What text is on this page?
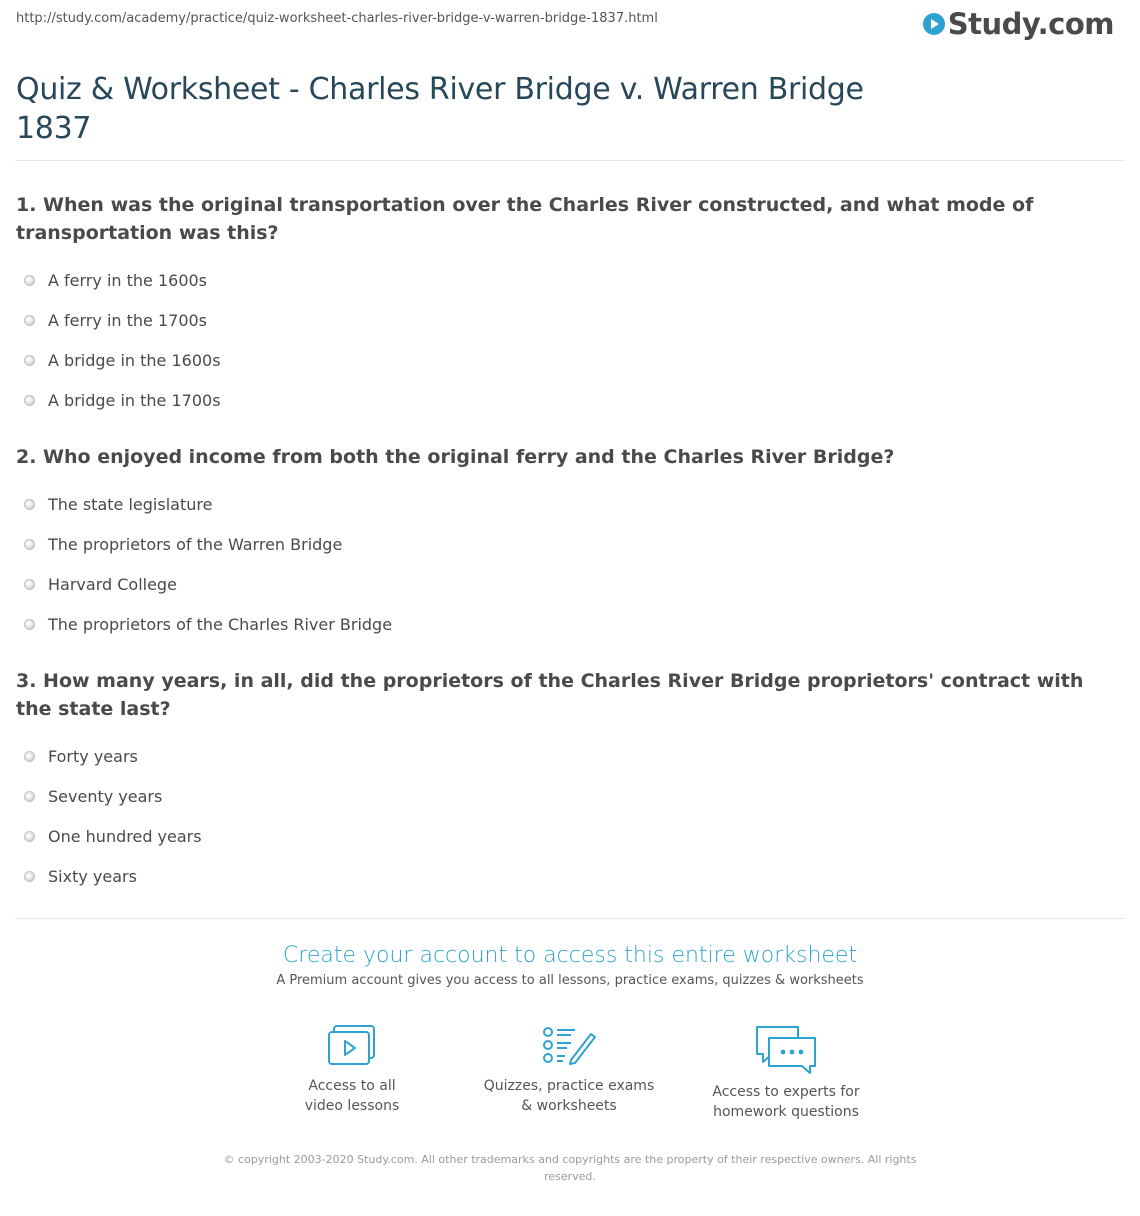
http://study.com/academy/practice/quiz-worksheet-charles-river-bridge-v-warren-bridge-1837.html	Study.com
Quiz & Worksheet - Charles River Bridge v. Warren Bridge 1837

1. When was the original transportation over the Charles River constructed, and what mode of transportation was this?

A ferry in the 1600s
A ferry in the 1700s
A bridge in the 1600s
A bridge in the 1700s

2. Who enjoyed income from both the original ferry and the Charles River Bridge?

The state legislature
The proprietors of the Warren Bridge
Harvard College
The proprietors of the Charles River Bridge

3. How many years, in all, did the proprietors of the Charles River Bridge proprietors' contract with the state last?

Forty years
Seventy years
One hundred years
Sixty years
Create your account to access this entire worksheet
A Premium account gives you access to all lessons, practice exams, quizzes & worksheets
Access to all
video lessons
Quizzes, practice exams
& worksheets
Access to experts for
homework questions
© copyright 2003-2020 Study.com. All other trademarks and copyrights are the property of their respective owners. All rights reserved.
